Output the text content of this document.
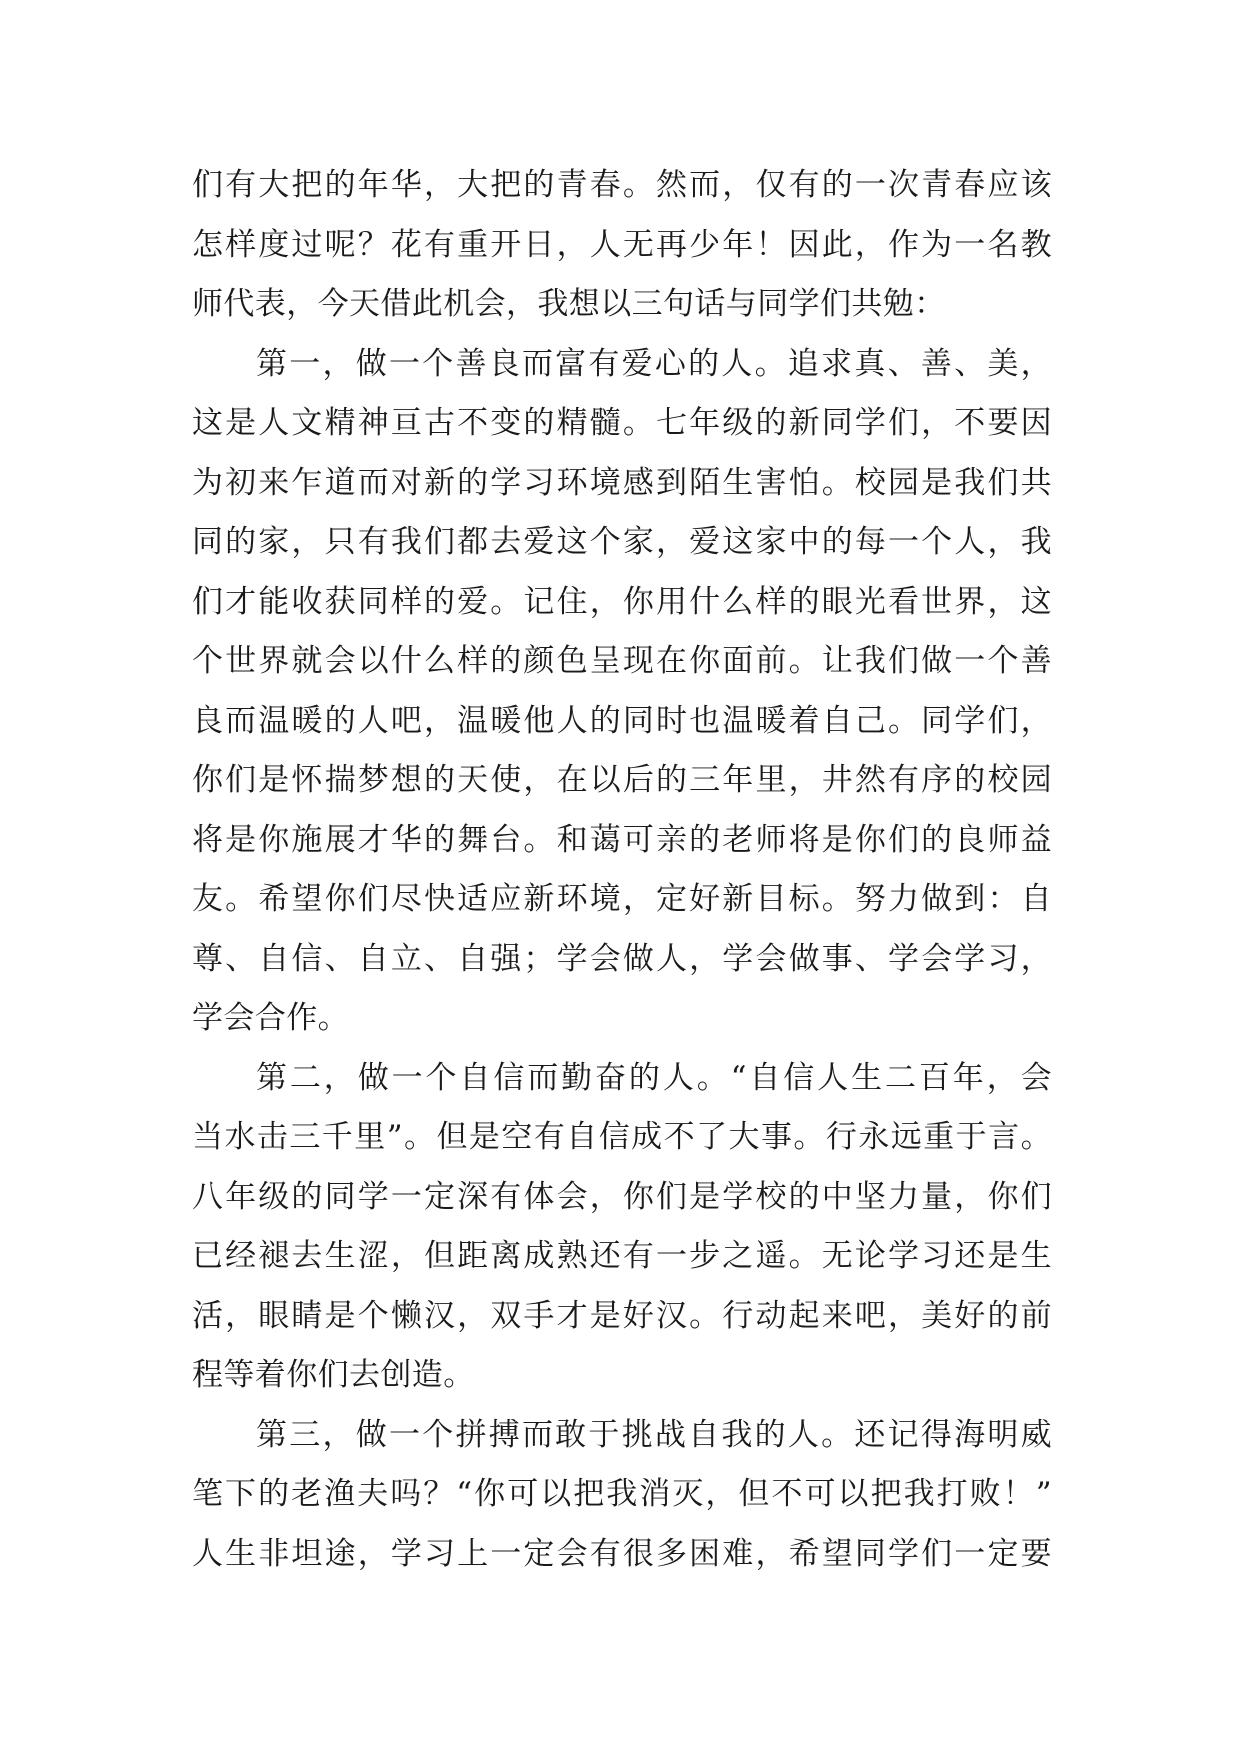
们有大把的年华，大把的青春。然而，仅有的一次青春应该
怎样度过呢？花有重开日，人无再少年！因此，作为一名教
师代表，今天借此机会，我想以三句话与同学们共勉：
第一，做一个善良而富有爱心的人。追求真、善、美，
这是人文精神亘古不变的精髓。七年级的新同学们，不要因
为初来乍道而对新的学习环境感到陌生害怕。校园是我们共
同的家，只有我们都去爱这个家，爱这家中的每一个人，我
们才能收获同样的爱。记住，你用什么样的眼光看世界，这
个世界就会以什么样的颜色呈现在你面前。让我们做一个善
良而温暖的人吧，温暖他人的同时也温暖着自己。同学们，
你们是怀揣梦想的天使，在以后的三年里，井然有序的校园
将是你施展才华的舞台。和蔼可亲的老师将是你们的良师益
友。希望你们尽快适应新环境，定好新目标。努力做到：自
尊、自信、自立、自强；学会做人，学会做事、学会学习，
学会合作。
第二，做一个自信而勤奋的人。“自信人生二百年，会
当水击三千里”。但是空有自信成不了大事。行永远重于言。
八年级的同学一定深有体会，你们是学校的中坚力量，你们
已经褪去生涩，但距离成熟还有一步之遥。无论学习还是生
活，眼睛是个懒汉，双手才是好汉。行动起来吧，美好的前
程等着你们去创造。
第三，做一个拼搏而敢于挑战自我的人。还记得海明威
笔下的老渔夫吗？“你可以把我消灭，但不可以把我打败！”
人生非坦途，学习上一定会有很多困难，希望同学们一定要
